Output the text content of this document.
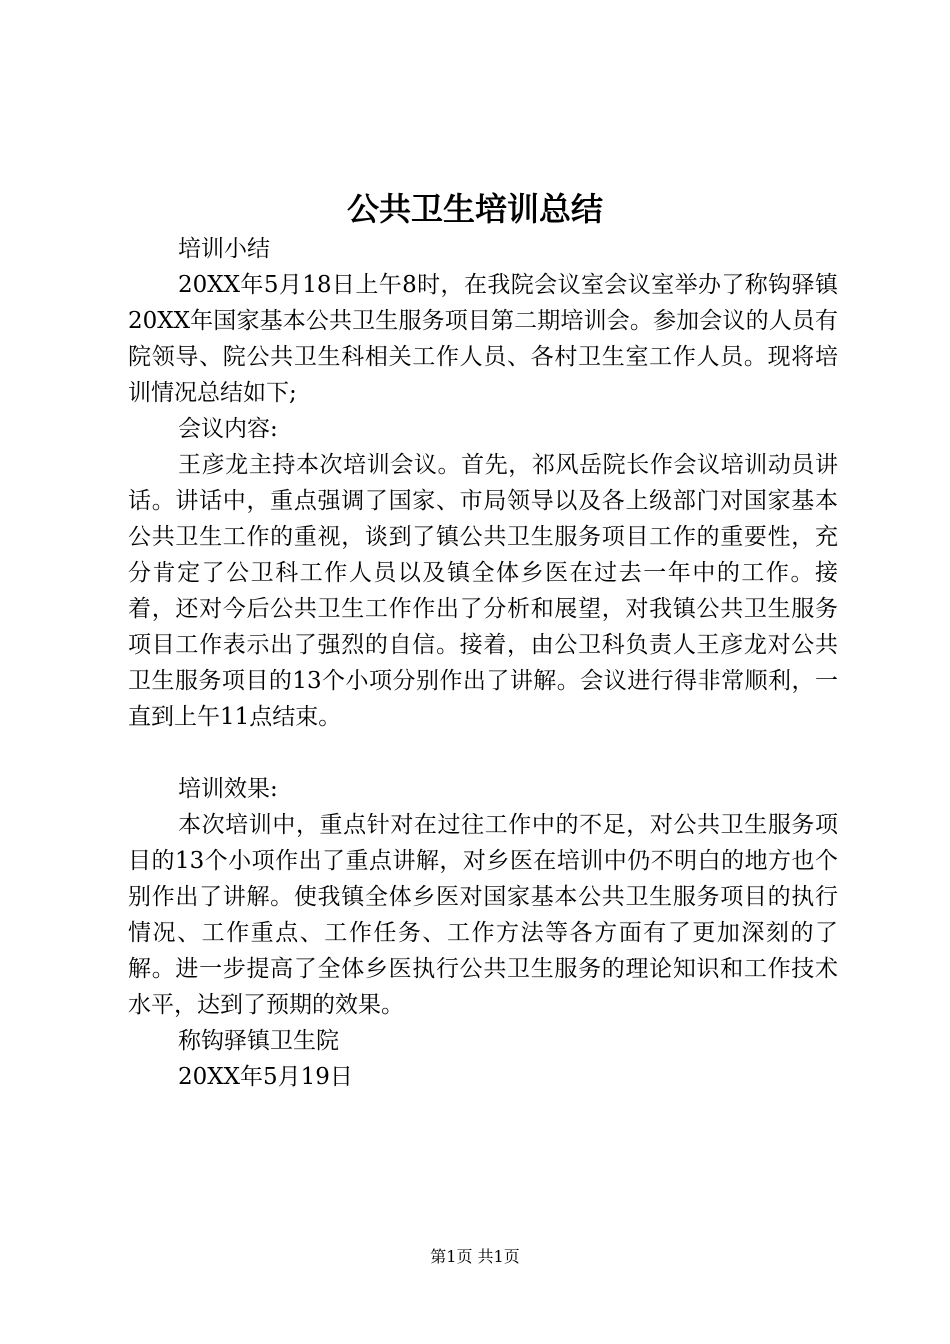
公共卫生培训总结

培训小结

20XX年5月18日上午8时，在我院会议室会议室举办了称钩驿镇20XX年国家基本公共卫生服务项目第二期培训会。参加会议的人员有院领导、院公共卫生科相关工作人员、各村卫生室工作人员。现将培训情况总结如下;

会议内容:

王彦龙主持本次培训会议。首先，祁风岳院长作会议培训动员讲话。讲话中，重点强调了国家、市局领导以及各上级部门对国家基本公共卫生工作的重视，谈到了镇公共卫生服务项目工作的重要性，充分肯定了公卫科工作人员以及镇全体乡医在过去一年中的工作。接着，还对今后公共卫生工作作出了分析和展望，对我镇公共卫生服务项目工作表示出了强烈的自信。接着，由公卫科负责人王彦龙对公共卫生服务项目的13个小项分别作出了讲解。会议进行得非常顺利，一直到上午11点结束。

培训效果:

本次培训中，重点针对在过往工作中的不足，对公共卫生服务项目的13个小项作出了重点讲解，对乡医在培训中仍不明白的地方也个别作出了讲解。使我镇全体乡医对国家基本公共卫生服务项目的执行情况、工作重点、工作任务、工作方法等各方面有了更加深刻的了解。进一步提高了全体乡医执行公共卫生服务的理论知识和工作技术水平，达到了预期的效果。

称钩驿镇卫生院

20XX年5月19日

第1页 共1页
